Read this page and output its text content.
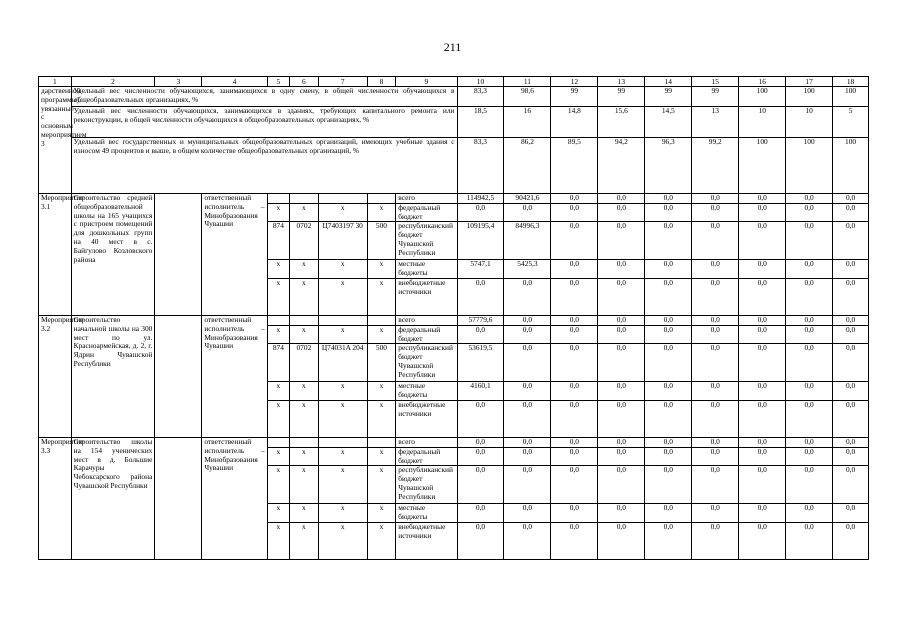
211
1	2	3	4	5	6	7	8	9	10	11	12	13	14	15	16	17	18
дарственной программы), увязанные с основным мероприятием 3	Удельный вес численности обучающихся, занимающихся в одну смену, в общей численности обучающихся в общеобразовательных организациях, %								83,3	98,6	99	99	99	99	100	100	100
	Удельный вес численности обучающихся, занимающихся в зданиях, требующих капитального ремонта или реконструкции, в общей численности обучающихся в общеобразовательных организациях, %								18,5	16	14,8	15,6	14,5	13	10	10	5
	Удельный вес государственных и муниципальных общеобразовательных организаций, имеющих учебные здания с износом 49 процентов и выше, в общем количестве общеобразовательных организаций, %								83,3	86,2	89,5	94,2	96,3	99,2	100	100	100
Мероприятие 3.1	Строительство средней общеобразовательной школы на 165 учащихся с пристроем помещений для дошкольных групп на 40 мест в с. Байгулово Козловского района		ответственный исполнитель – Минобразования Чувашии					всего	114942,5	90421,6	0,0	0,0	0,0	0,0	0,0	0,0	0,0
				x	x	x	x	федеральный бюджет	0,0	0,0	0,0	0,0	0,0	0,0	0,0	0,0	0,0
				874	0702	Ц7403197 30	500	республиканский бюджет Чувашской Республики	109195,4	84996,3	0,0	0,0	0,0	0,0	0,0	0,0	0,0
				x	x	x	x	местные бюджеты	5747,1	5425,3	0,0	0,0	0,0	0,0	0,0	0,0	0,0
				x	x	x	x	внебюджетные источники	0,0	0,0	0,0	0,0	0,0	0,0	0,0	0,0	0,0
Мероприятие 3.2	Строительство начальной школы на 300 мест по ул. Красноармейская, д. 2, г. Ядрин Чувашской Республики		ответственный исполнитель – Минобразования Чувашии					всего	57779,6	0,0	0,0	0,0	0,0	0,0	0,0	0,0	0,0
				x	x	x	x	федеральный бюджет	0,0	0,0	0,0	0,0	0,0	0,0	0,0	0,0	0,0
				874	0702	Ц74031A 204	500	республиканский бюджет Чувашской Республики	53619,5	0,0	0,0	0,0	0,0	0,0	0,0	0,0	0,0
				x	x	x	x	местные бюджеты	4160,1	0,0	0,0	0,0	0,0	0,0	0,0	0,0	0,0
				x	x	x	x	внебюджетные источники	0,0	0,0	0,0	0,0	0,0	0,0	0,0	0,0	0,0
Мероприятие 3.3	Строительство школы на 154 ученических мест в д. Большие Карачуры Чебоксарского района Чувашской Республики		ответственный исполнитель – Минобразования Чувашии					всего	0,0	0,0	0,0	0,0	0,0	0,0	0,0	0,0	0,0
				x	x	x	x	федеральный бюджет	0,0	0,0	0,0	0,0	0,0	0,0	0,0	0,0	0,0
				x	x	x	x	республиканский бюджет Чувашской Республики	0,0	0,0	0,0	0,0	0,0	0,0	0,0	0,0	0,0
				x	x	x	x	местные бюджеты	0,0	0,0	0,0	0,0	0,0	0,0	0,0	0,0	0,0
				x	x	x	x	внебюджетные источники	0,0	0,0	0,0	0,0	0,0	0,0	0,0	0,0	0,0
